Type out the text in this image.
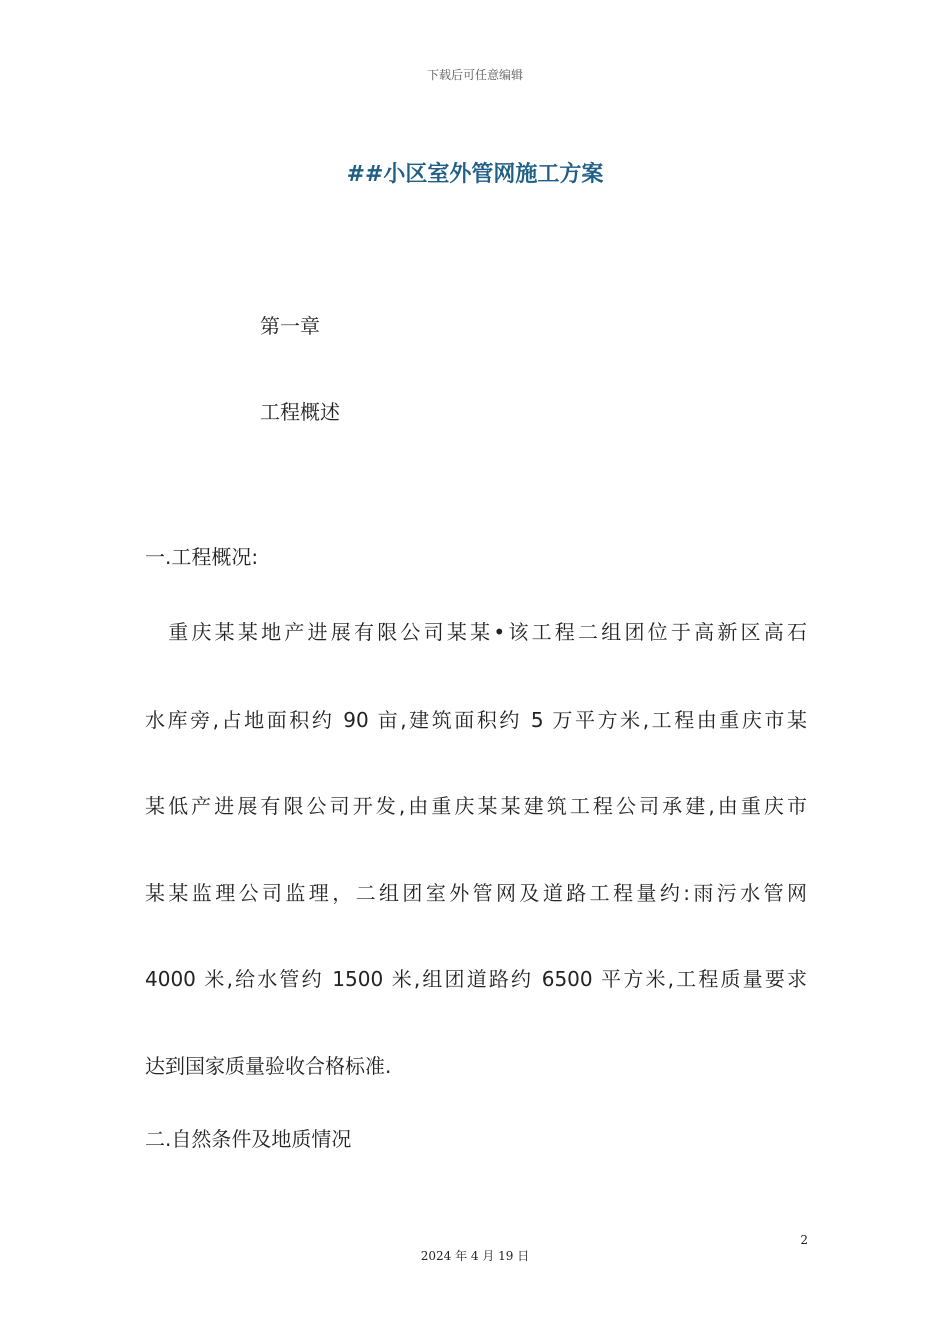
下载后可任意编辑

##小区室外管网施工方案

第一章

工程概述

一.工程概况:

　重庆某某地产进展有限公司某某•该工程二组团位于高新区高石

水库旁,占地面积约 90 亩,建筑面积约 5 万平方米,工程由重庆市某

某低产进展有限公司开发,由重庆某某建筑工程公司承建,由重庆市

某某监理公司监理，二组团室外管网及道路工程量约:雨污水管网

4000 米,给水管约 1500 米,组团道路约 6500 平方米,工程质量要求

达到国家质量验收合格标准.

二.自然条件及地质情况

2

2024 年 4 月 19 日
